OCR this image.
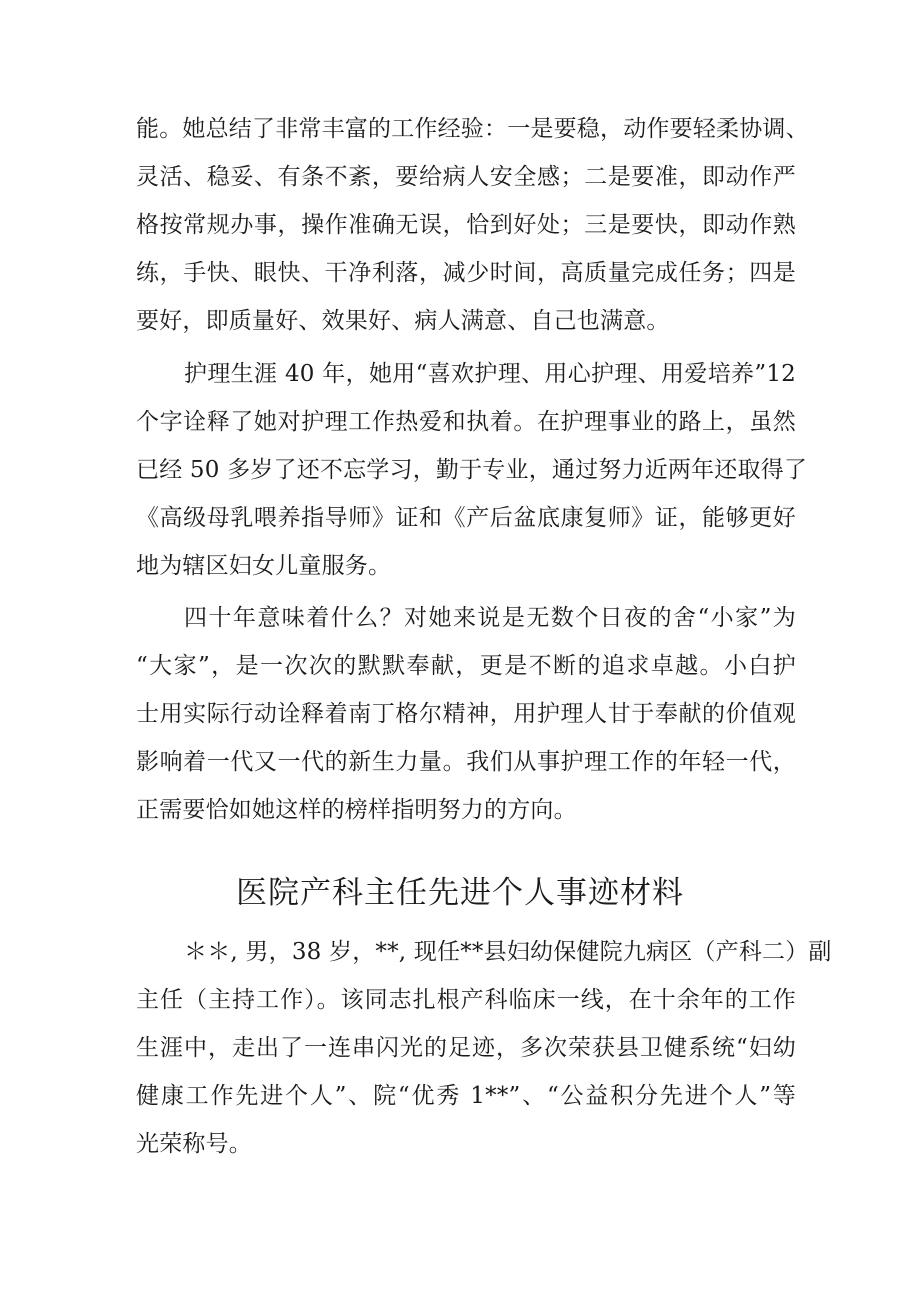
能。她总结了非常丰富的工作经验：一是要稳，动作要轻柔协调、
灵活、稳妥、有条不紊，要给病人安全感；二是要准，即动作严
格按常规办事，操作准确无误，恰到好处；三是要快，即动作熟
练，手快、眼快、干净利落，减少时间，高质量完成任务；四是
要好，即质量好、效果好、病人满意、自己也满意。
护理生涯 40 年，她用“喜欢护理、用心护理、用爱培养”12
个字诠释了她对护理工作热爱和执着。在护理事业的路上，虽然
已经 50 多岁了还不忘学习，勤于专业，通过努力近两年还取得了
《高级母乳喂养指导师》证和《产后盆底康复师》证，能够更好
地为辖区妇女儿童服务。
四十年意味着什么？对她来说是无数个日夜的舍“小家”为
“大家”，是一次次的默默奉献，更是不断的追求卓越。小白护
士用实际行动诠释着南丁格尔精神，用护理人甘于奉献的价值观
影响着一代又一代的新生力量。我们从事护理工作的年轻一代，
正需要恰如她这样的榜样指明努力的方向。
医院产科主任先进个人事迹材料
＊＊, 男，38 岁，**, 现任**县妇幼保健院九病区（产科二）副
主任（主持工作）。该同志扎根产科临床一线，在十余年的工作
生涯中，走出了一连串闪光的足迹，多次荣获县卫健系统“妇幼
健康工作先进个人”、院“优秀 1**”、“公益积分先进个人”等
光荣称号。
